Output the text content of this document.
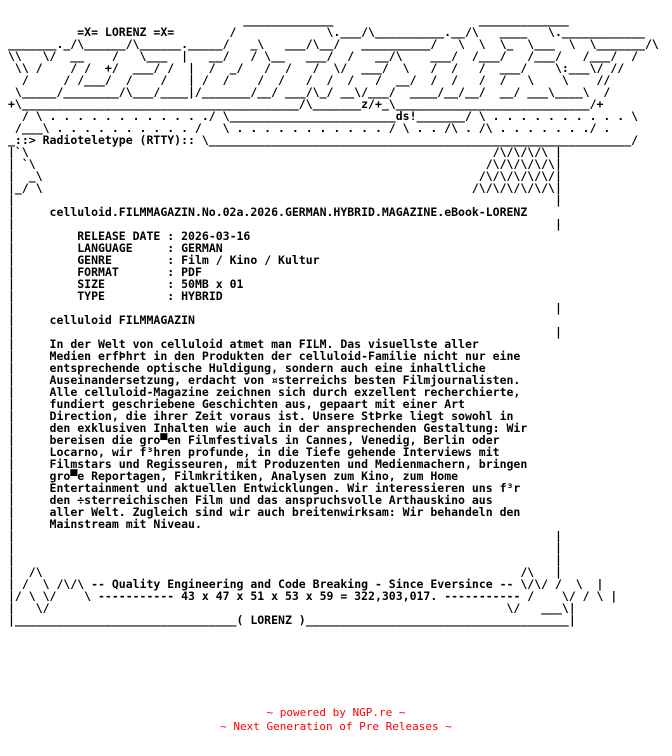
_____________                     _____________
=X= LORENZ =X=        /             \.___/\__________.__/\   ____   \.____________
_______._/\______/\______._____/   _\   ___/\__/   __________/   \  \  \_  \___  \  \_______/\
\\   \/  __    /   \___  |   __/   / \__   ___/  /   __/\    ___/  /___/   /___/   /___/  /
\\ /    / /  +/  ___/ /  |  /  _/   /  /   /  \/  ___/  \   /  /   /  ___/    \:___\/ //
/     / /___/  /    /   | /  /    /  /   /  /  /   /  __/  /  /   /  /   \    \    //
\_____/________/\___/____|/_______/__/ ___/\_/ __\/___/  ____/__/__/  __/ ___\____\  /
+\________________________________________/\_______z/+_\____________________________/+
/ \ . . . . . . . . . . . ./ \________________________ds!_______/ \ . . . . . . . . . . \
/___\ . . . . . . . . . . /   \ . . . . . . . . . . . / \ . . /\ . /\ . . . . . . ./ .
_::> Radioteletype (RTTY):: \_____________________________________________________________/
|`\                                                                   /\/\/\/\ |
| `\                                                                 /\/\/\/\/\|
|  _\                                                               /\/\/\/\/\/|
|_/ \                                                              /\/\/\/\/\/\|
|                                                                              |
|	celluloid.FILMMAGAZIN.No.02a.2026.GERMAN.HYBRID.MAGAZINE.eBook-LORENZ
|                                                                              |

|         RELEASE DATE : 2026-03-16
|         LANGUAGE     : GERMAN
|         GENRE        : Film / Kino / Kultur
|         FORMAT       : PDF
|         SIZE         : 50MB x 01
|         TYPE         : HYBRID
|                                                                              |
|	celluloid FILMMAGAZIN
|                                                                              |

|     In der Welt von celluloid atmet man FILM. Das visuellste aller
|     Medien erfÞhrt in den Produkten der celluloid-Familie nicht nur eine
|     entsprechende optische Huldigung, sondern auch eine inhaltliche
|     Auseinandersetzung, erdacht von ¤sterreichs besten Filmjournalisten.
|     Alle celluloid-Magazine zeichnen sich durch exzellent recherchierte,
|     fundiert geschriebene Geschichten aus, gepaart mit einer Art
|     Direction, die ihrer Zeit voraus ist. Unsere StÞrke liegt sowohl in
|     den exklusiven Inhalten wie auch in der ansprechenden Gestaltung: Wir
|     bereisen die gro▀en Filmfestivals in Cannes, Venedig, Berlin oder
|     Locarno, wir f³hren profunde, in die Tiefe gehende Interviews mit
|     Filmstars und Regisseuren, mit Produzenten und Medienmachern, bringen
|     gro▀e Reportagen, Filmkritiken, Analysen zum Kino, zum Home
|     Entertainment und aktuellen Entwicklungen. Wir interessieren uns f³r
|     den ÷sterreichischen Film und das anspruchsvolle Arthauskino aus
|     aller Welt. Zugleich sind wir auch breitenwirksam: Wir behandeln den
|     Mainstream mit Niveau.
|                                                                              |
|                                                                              |
|                                                                              |
|  /\                                                                     /\   |
| /  \ /\/\ -- Quality Engineering and Code Breaking - Since Eversince -- \/\/ /  \  |
|/ \ \/    \ ----------- 43 x 47 x 51 x 53 x 59 = 322,303,017. ----------- /    \/ / \ |
|   \/                                                                  \/   ___\|
|________________________________( LORENZ )______________________________________|
~ powered by NGP.re ~
~ Next Generation of Pre Releases ~
